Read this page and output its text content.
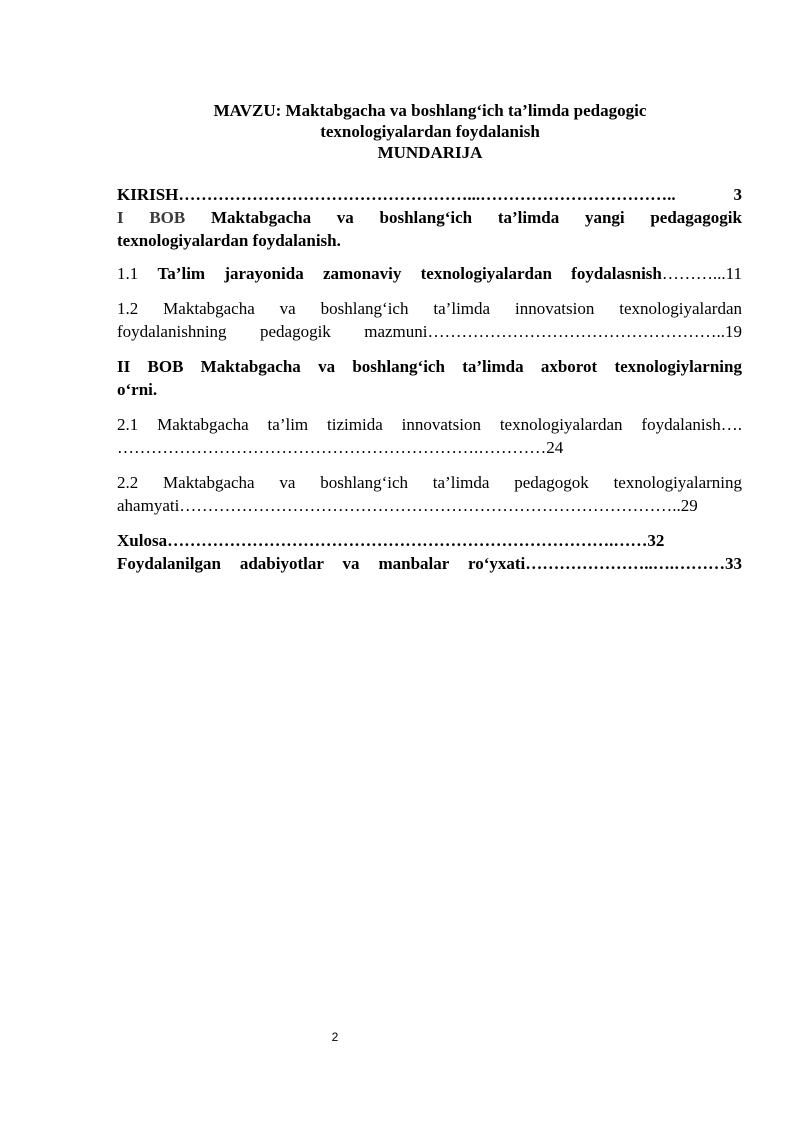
MAVZU: Maktabgacha va boshlang‘ich ta’limda pedagogic
texnologiyalardan foydalanish
MUNDARIJA

KIRISH……………………………………………...…………………………….. 3

I BOB Maktabgacha va boshlang‘ich ta’limda yangi pedagagogik
texnologiyalardan foydalanish.
1.1 Ta’lim jarayonida zamonaviy texnologiyalardan foydalasnish………...11
1.2 Maktabgacha va boshlang‘ich ta’limda innovatsion texnologiyalardan
foydalanishning pedagogik mazmuni……………………………………………..19
II BOB Maktabgacha va boshlang‘ich ta’limda axborot texnologiylarning
o‘rni.
2.1 Maktabgacha ta’lim tizimida innovatsion texnologiyalardan foydalanish….
……………………………………………………….…………24
2.2 Maktabgacha va boshlang‘ich ta’limda pedagogok texnologiyalarning
ahamyati……………………………………………………………………………..29
Xulosa…………………………………………………………………….……32
Foydalanilgan adabiyotlar va manbalar ro‘yxati…………………..….………33
2
